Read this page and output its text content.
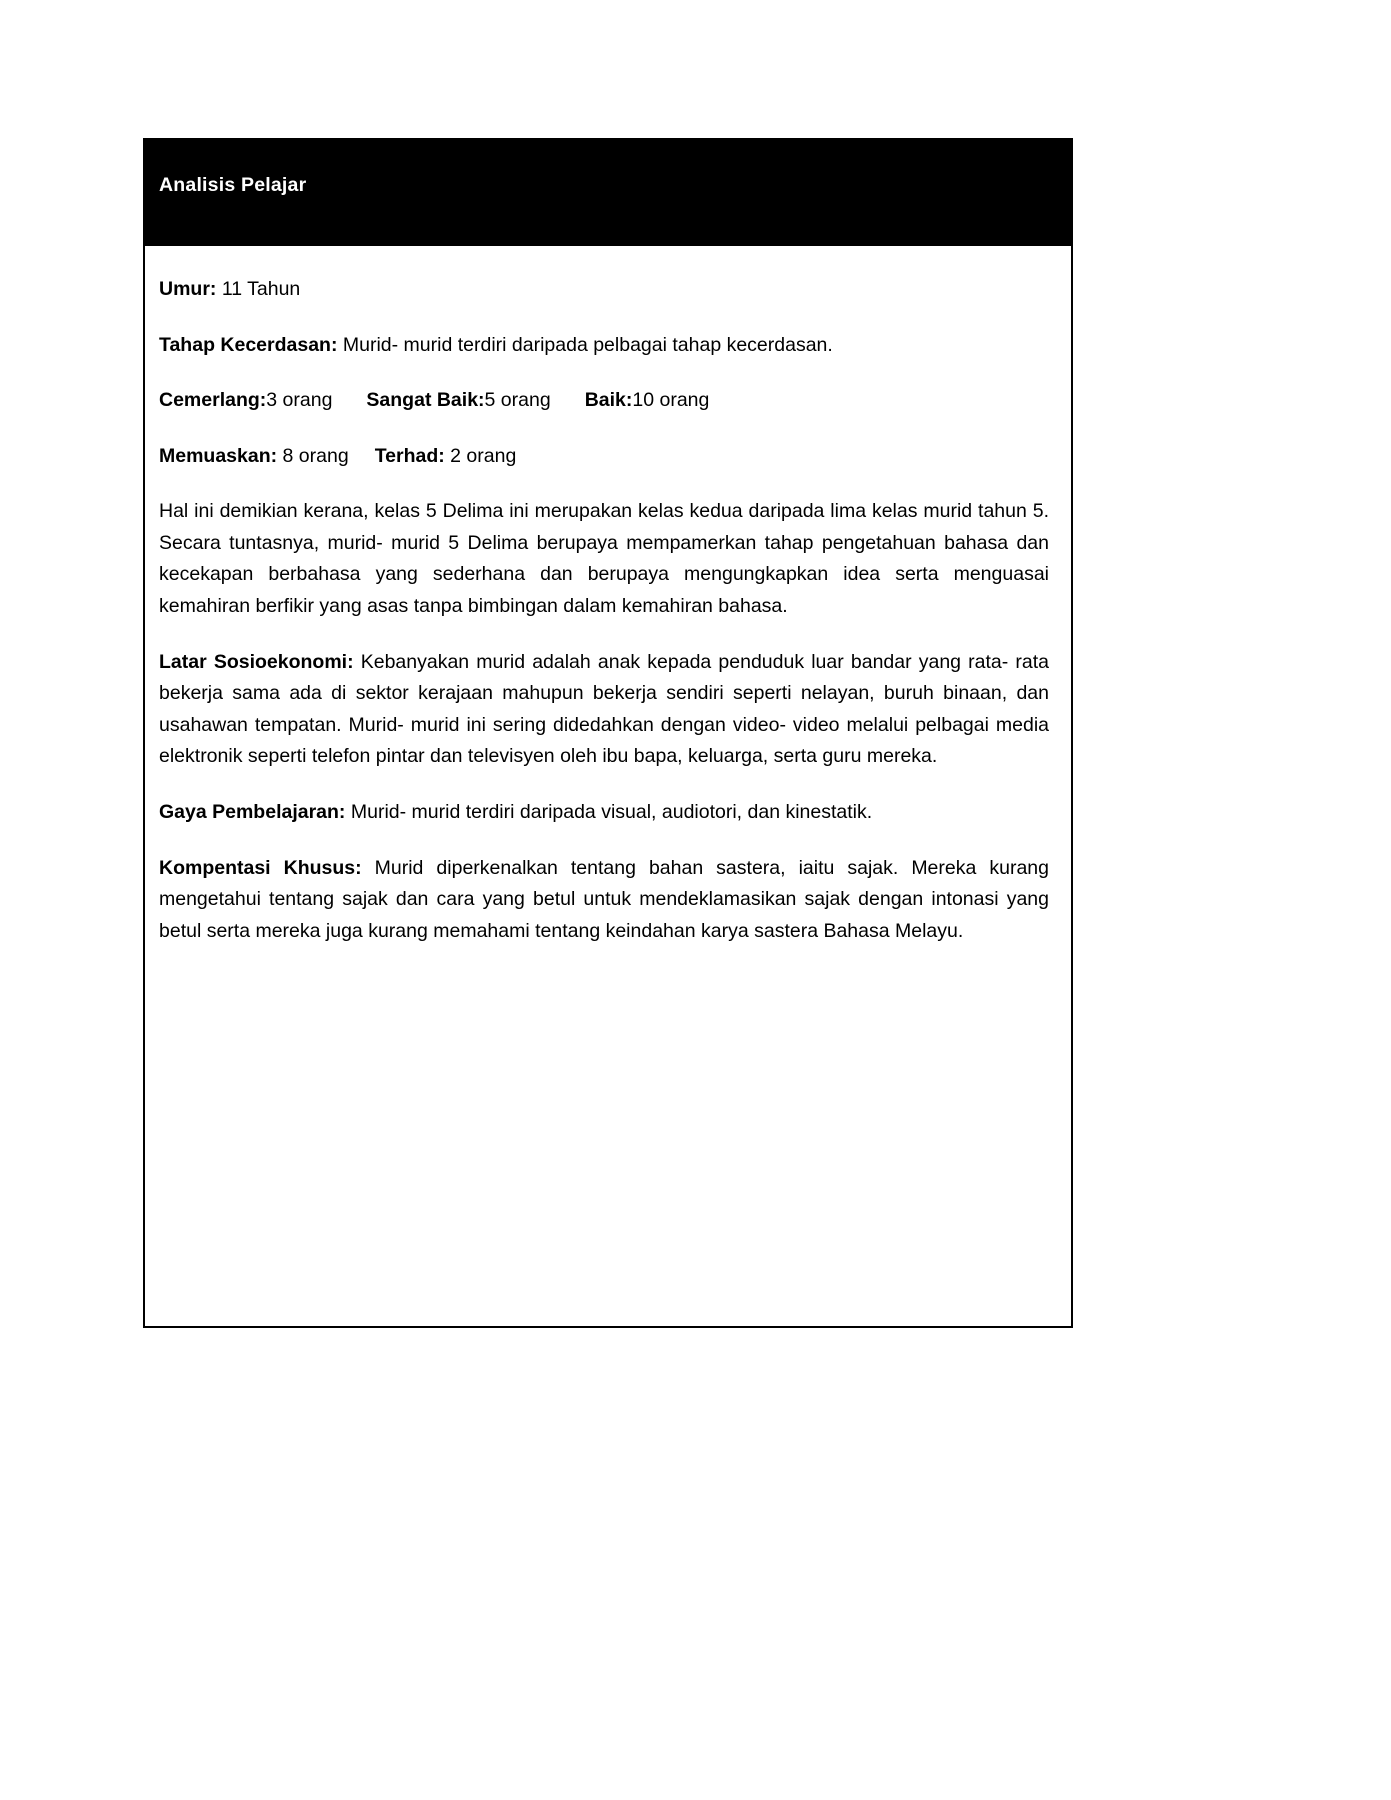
Analisis Pelajar

Umur: 11 Tahun

Tahap Kecerdasan: Murid- murid terdiri daripada pelbagai tahap kecerdasan.

Cemerlang:3 orang Sangat Baik:5 orang Baik:10 orang

Memuaskan: 8 orang Terhad: 2 orang

Hal ini demikian kerana, kelas 5 Delima ini merupakan kelas kedua daripada lima kelas murid tahun 5. Secara tuntasnya, murid- murid 5 Delima berupaya mempamerkan tahap pengetahuan bahasa dan kecekapan berbahasa yang sederhana dan berupaya mengungkapkan idea serta menguasai kemahiran berfikir yang asas tanpa bimbingan dalam kemahiran bahasa.

Latar Sosioekonomi: Kebanyakan murid adalah anak kepada penduduk luar bandar yang rata- rata bekerja sama ada di sektor kerajaan mahupun bekerja sendiri seperti nelayan, buruh binaan, dan usahawan tempatan. Murid- murid ini sering didedahkan dengan video- video melalui pelbagai media elektronik seperti telefon pintar dan televisyen oleh ibu bapa, keluarga, serta guru mereka.

Gaya Pembelajaran: Murid- murid terdiri daripada visual, audiotori, dan kinestatik.

Kompentasi Khusus: Murid diperkenalkan tentang bahan sastera, iaitu sajak. Mereka kurang mengetahui tentang sajak dan cara yang betul untuk mendeklamasikan sajak dengan intonasi yang betul serta mereka juga kurang memahami tentang keindahan karya sastera Bahasa Melayu.
